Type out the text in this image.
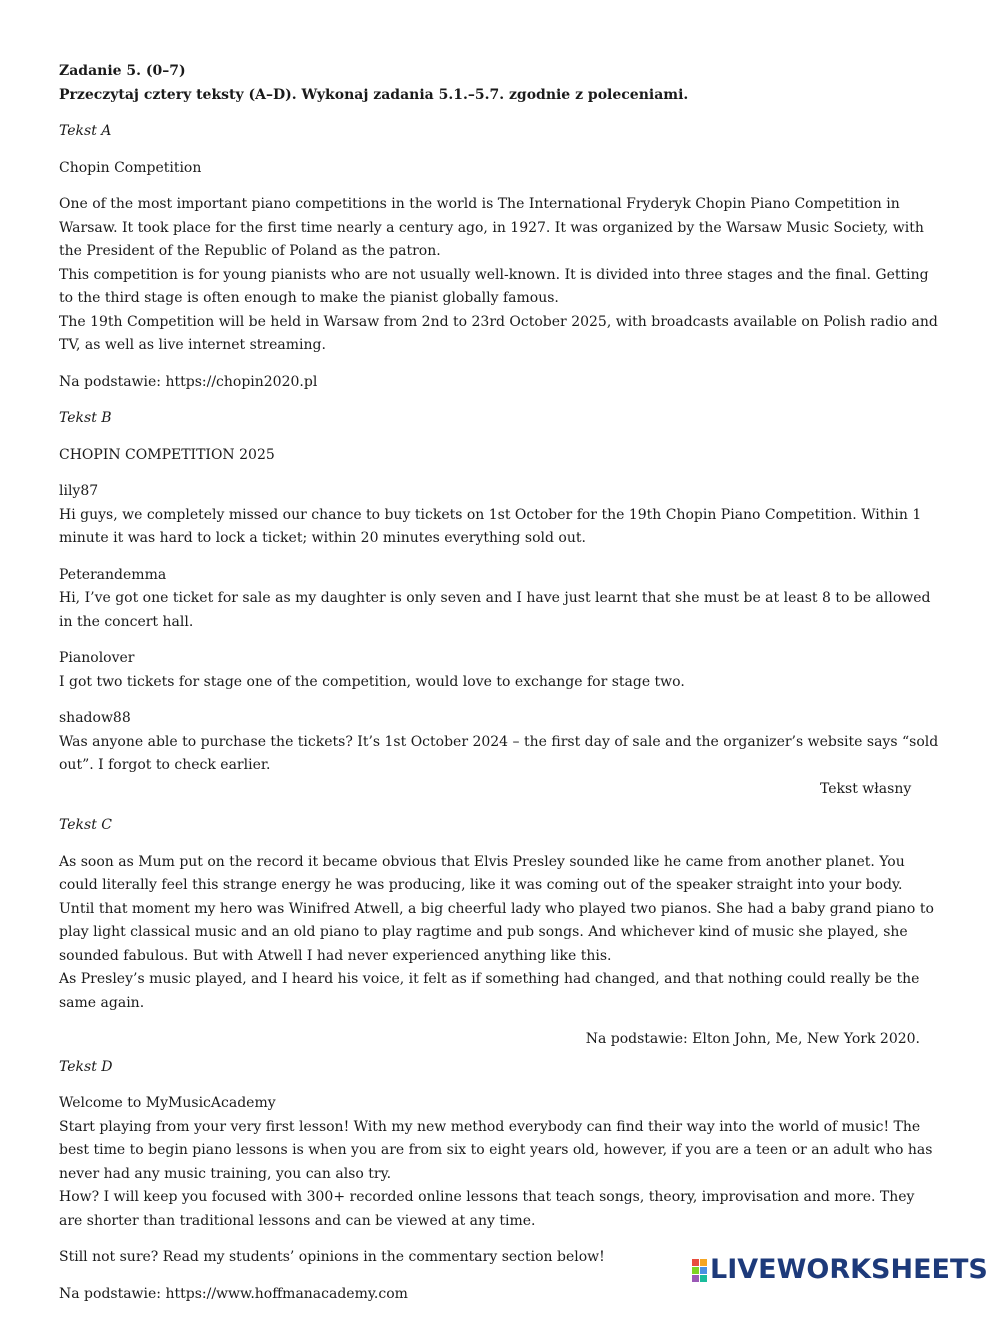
Zadanie 5. (0–7)
Przeczytaj cztery teksty (A–D). Wykonaj zadania 5.1.–5.7. zgodnie z poleceniami.
Tekst A
Chopin Competition

One of the most important piano competitions in the world is The International Fryderyk Chopin Piano Competition in Warsaw. It took place for the first time nearly a century ago, in 1927. It was organized by the Warsaw Music Society, with the President of the Republic of Poland as the patron.

This competition is for young pianists who are not usually well-known. It is divided into three stages and the final. Getting to the third stage is often enough to make the pianist globally famous.

The 19th Competition will be held in Warsaw from 2nd to 23rd October 2025, with broadcasts available on Polish radio and TV, as well as live internet streaming.

Na podstawie: https://chopin2020.pl
Tekst B
CHOPIN COMPETITION 2025
lily87
Hi guys, we completely missed our chance to buy tickets on 1st October for the 19th Chopin Piano Competition. Within 1 minute it was hard to lock a ticket; within 20 minutes everything sold out.
Peterandemma
Hi, I’ve got one ticket for sale as my daughter is only seven and I have just learnt that she must be at least 8 to be allowed in the concert hall.
Pianolover
I got two tickets for stage one of the competition, would love to exchange for stage two.
shadow88
Was anyone able to purchase the tickets? It’s 1st October 2024 – the first day of sale and the organizer’s website says “sold out”. I forgot to check earlier.
Tekst własny
Tekst C

As soon as Mum put on the record it became obvious that Elvis Presley sounded like he came from another planet. You could literally feel this strange energy he was producing, like it was coming out of the speaker straight into your body. Until that moment my hero was Winifred Atwell, a big cheerful lady who played two pianos. She had a baby grand piano to play light classical music and an old piano to play ragtime and pub songs. And whichever kind of music she played, she sounded fabulous. But with Atwell I had never experienced anything like this.

As Presley’s music played, and I heard his voice, it felt as if something had changed, and that nothing could really be the same again.

Na podstawie: Elton John, Me, New York 2020.
Tekst D
Welcome to MyMusicAcademy

Start playing from your very first lesson! With my new method everybody can find their way into the world of music! The best time to begin piano lessons is when you are from six to eight years old, however, if you are a teen or an adult who has never had any music training, you can also try.

How? I will keep you focused with 300+ recorded online lessons that teach songs, theory, improvisation and more. They are shorter than traditional lessons and can be viewed at any time.

Still not sure? Read my students’ opinions in the commentary section below!
Na podstawie: https://www.hoffmanacademy.com
LIVEWORKSHEETS
